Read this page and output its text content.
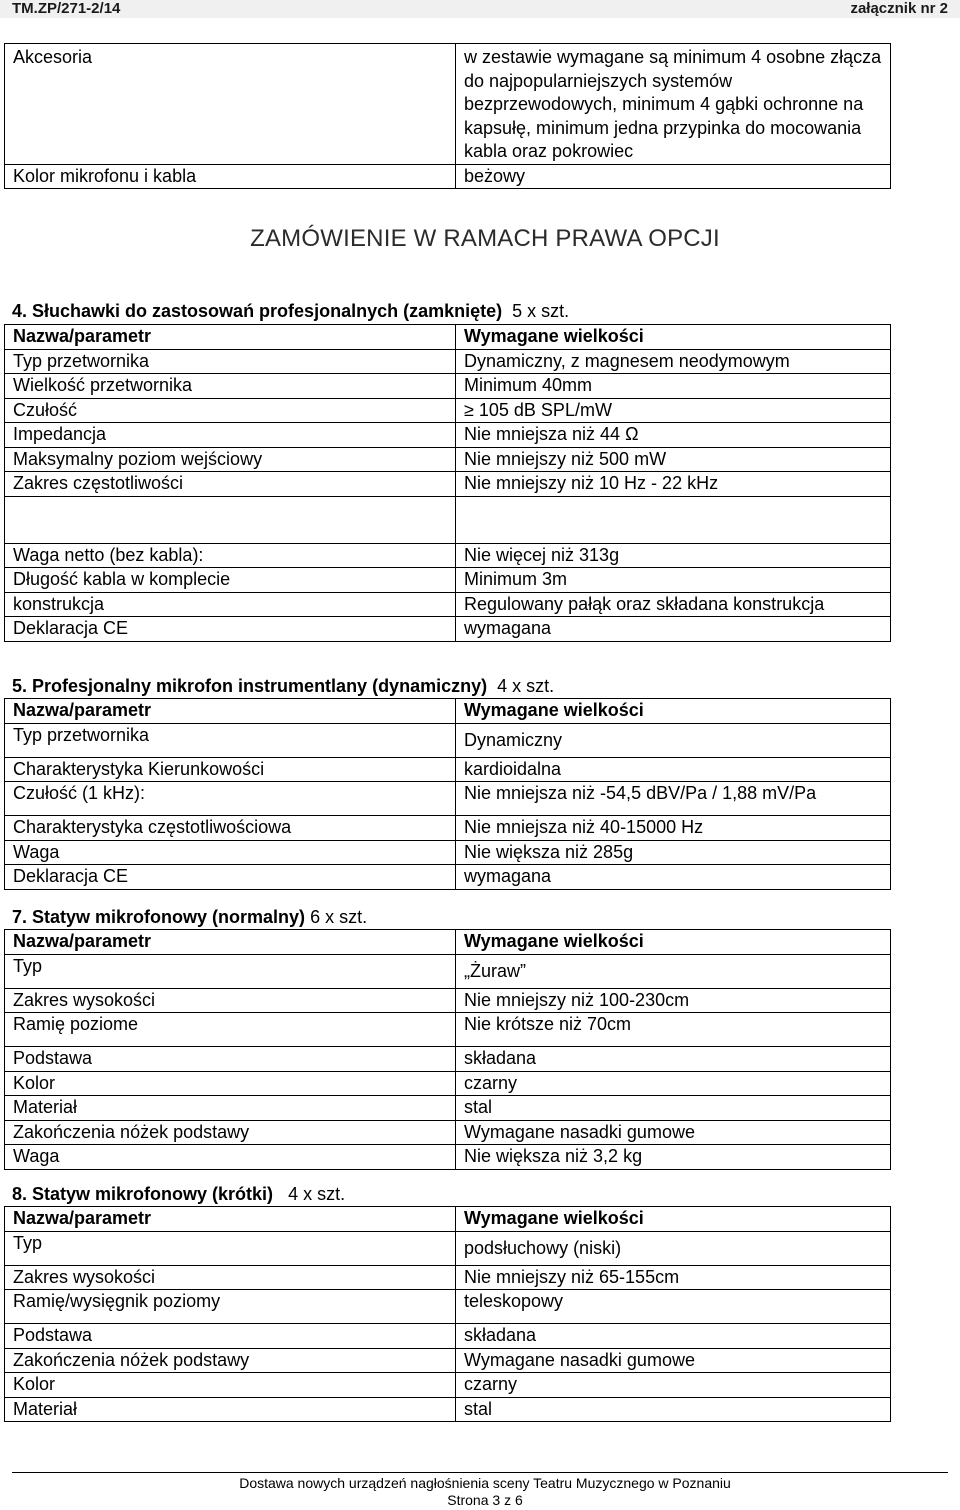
TM.ZP/271-2/14	załącznik nr 2
Akcesoria	w zestawie wymagane są minimum 4 osobne złącza do najpopularniejszych systemów bezprzewodowych, minimum 4 gąbki ochronne na kapsułę, minimum jedna przypinka do mocowania kabla oraz pokrowiec
Kolor mikrofonu i kabla	beżowy
ZAMÓWIENIE W RAMACH PRAWA OPCJI
4. Słuchawki do zastosowań profesjonalnych (zamknięte) 5 x szt.
Nazwa/parametr	Wymagane wielkości
Typ przetwornika	Dynamiczny, z magnesem neodymowym
Wielkość przetwornika	Minimum 40mm
Czułość	≥ 105 dB SPL/mW
Impedancja	Nie mniejsza niż 44 Ω
Maksymalny poziom wejściowy	Nie mniejszy niż 500 mW
Zakres częstotliwości	Nie mniejszy niż 10 Hz - 22 kHz

Waga netto (bez kabla):	Nie więcej niż 313g
Długość kabla w komplecie	Minimum 3m
konstrukcja	Regulowany pałąk oraz składana konstrukcja
Deklaracja CE	wymagana
5. Profesjonalny mikrofon instrumentlany (dynamiczny) 4 x szt.
Nazwa/parametr	Wymagane wielkości
Typ przetwornika	Dynamiczny
Charakterystyka Kierunkowości	kardioidalna
Czułość (1 kHz):	Nie mniejsza niż -54,5 dBV/Pa / 1,88 mV/Pa
Charakterystyka częstotliwościowa	Nie mniejsza niż 40-15000 Hz
Waga	Nie większa niż 285g
Deklaracja CE	wymagana
7. Statyw mikrofonowy (normalny) 6 x szt.
Nazwa/parametr	Wymagane wielkości
Typ	„Żuraw”
Zakres wysokości	Nie mniejszy niż 100-230cm
Ramię poziome	Nie krótsze niż 70cm
Podstawa	składana
Kolor	czarny
Materiał	stal
Zakończenia nóżek podstawy	Wymagane nasadki gumowe
Waga	Nie większa niż 3,2 kg
8. Statyw mikrofonowy (krótki) 4 x szt.
Nazwa/parametr	Wymagane wielkości
Typ	podsłuchowy (niski)
Zakres wysokości	Nie mniejszy niż 65-155cm
Ramię/wysięgnik poziomy	teleskopowy
Podstawa	składana
Zakończenia nóżek podstawy	Wymagane nasadki gumowe
Kolor	czarny
Materiał	stal
Dostawa nowych urządzeń nagłośnienia sceny Teatru Muzycznego w Poznaniu
Strona 3 z 6
